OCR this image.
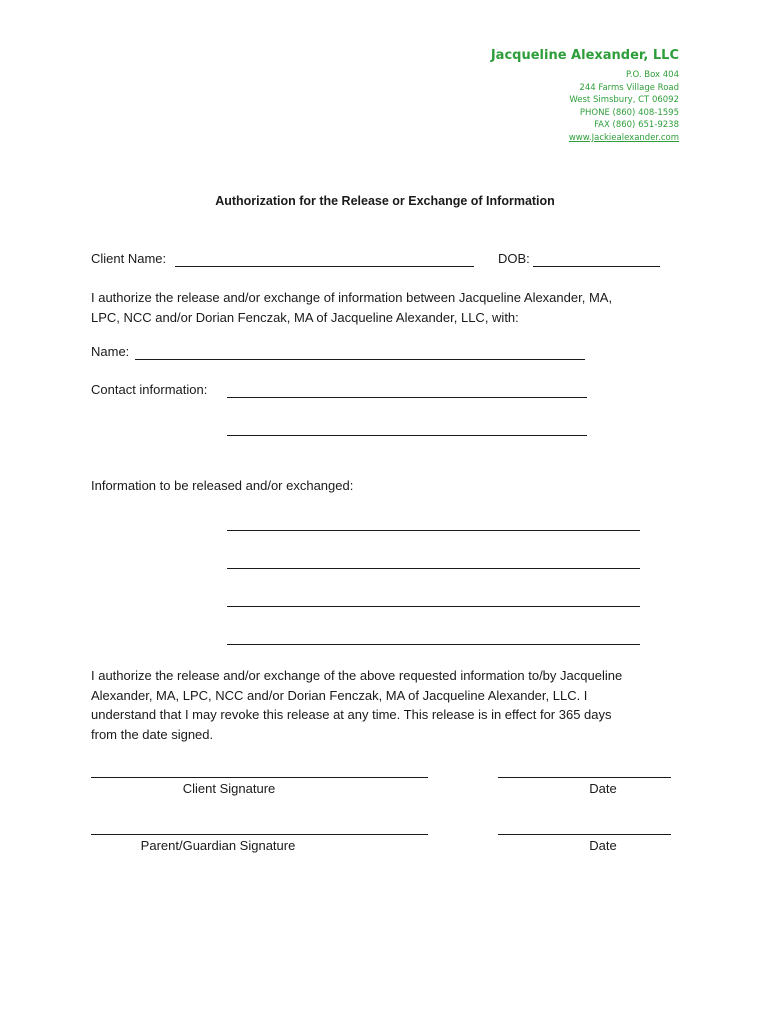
Jacqueline Alexander, LLC
P.O. Box 404
244 Farms Village Road
West Simsbury, CT 06092
PHONE (860) 408-1595
FAX (860) 651-9238
www.Jackiealexander.com
Authorization for the Release or Exchange of Information
Client Name:	DOB:
I authorize the release and/or exchange of information between Jacqueline Alexander, MA,
LPC, NCC and/or Dorian Fenczak, MA of Jacqueline Alexander, LLC, with:
Name:
Contact information:
Information to be released and/or exchanged:
I authorize the release and/or exchange of the above requested information to/by Jacqueline
Alexander, MA, LPC, NCC and/or Dorian Fenczak, MA of Jacqueline Alexander, LLC. I
understand that I may revoke this release at any time. This release is in effect for 365 days
from the date signed.
Client Signature	Date
Parent/Guardian Signature	Date
